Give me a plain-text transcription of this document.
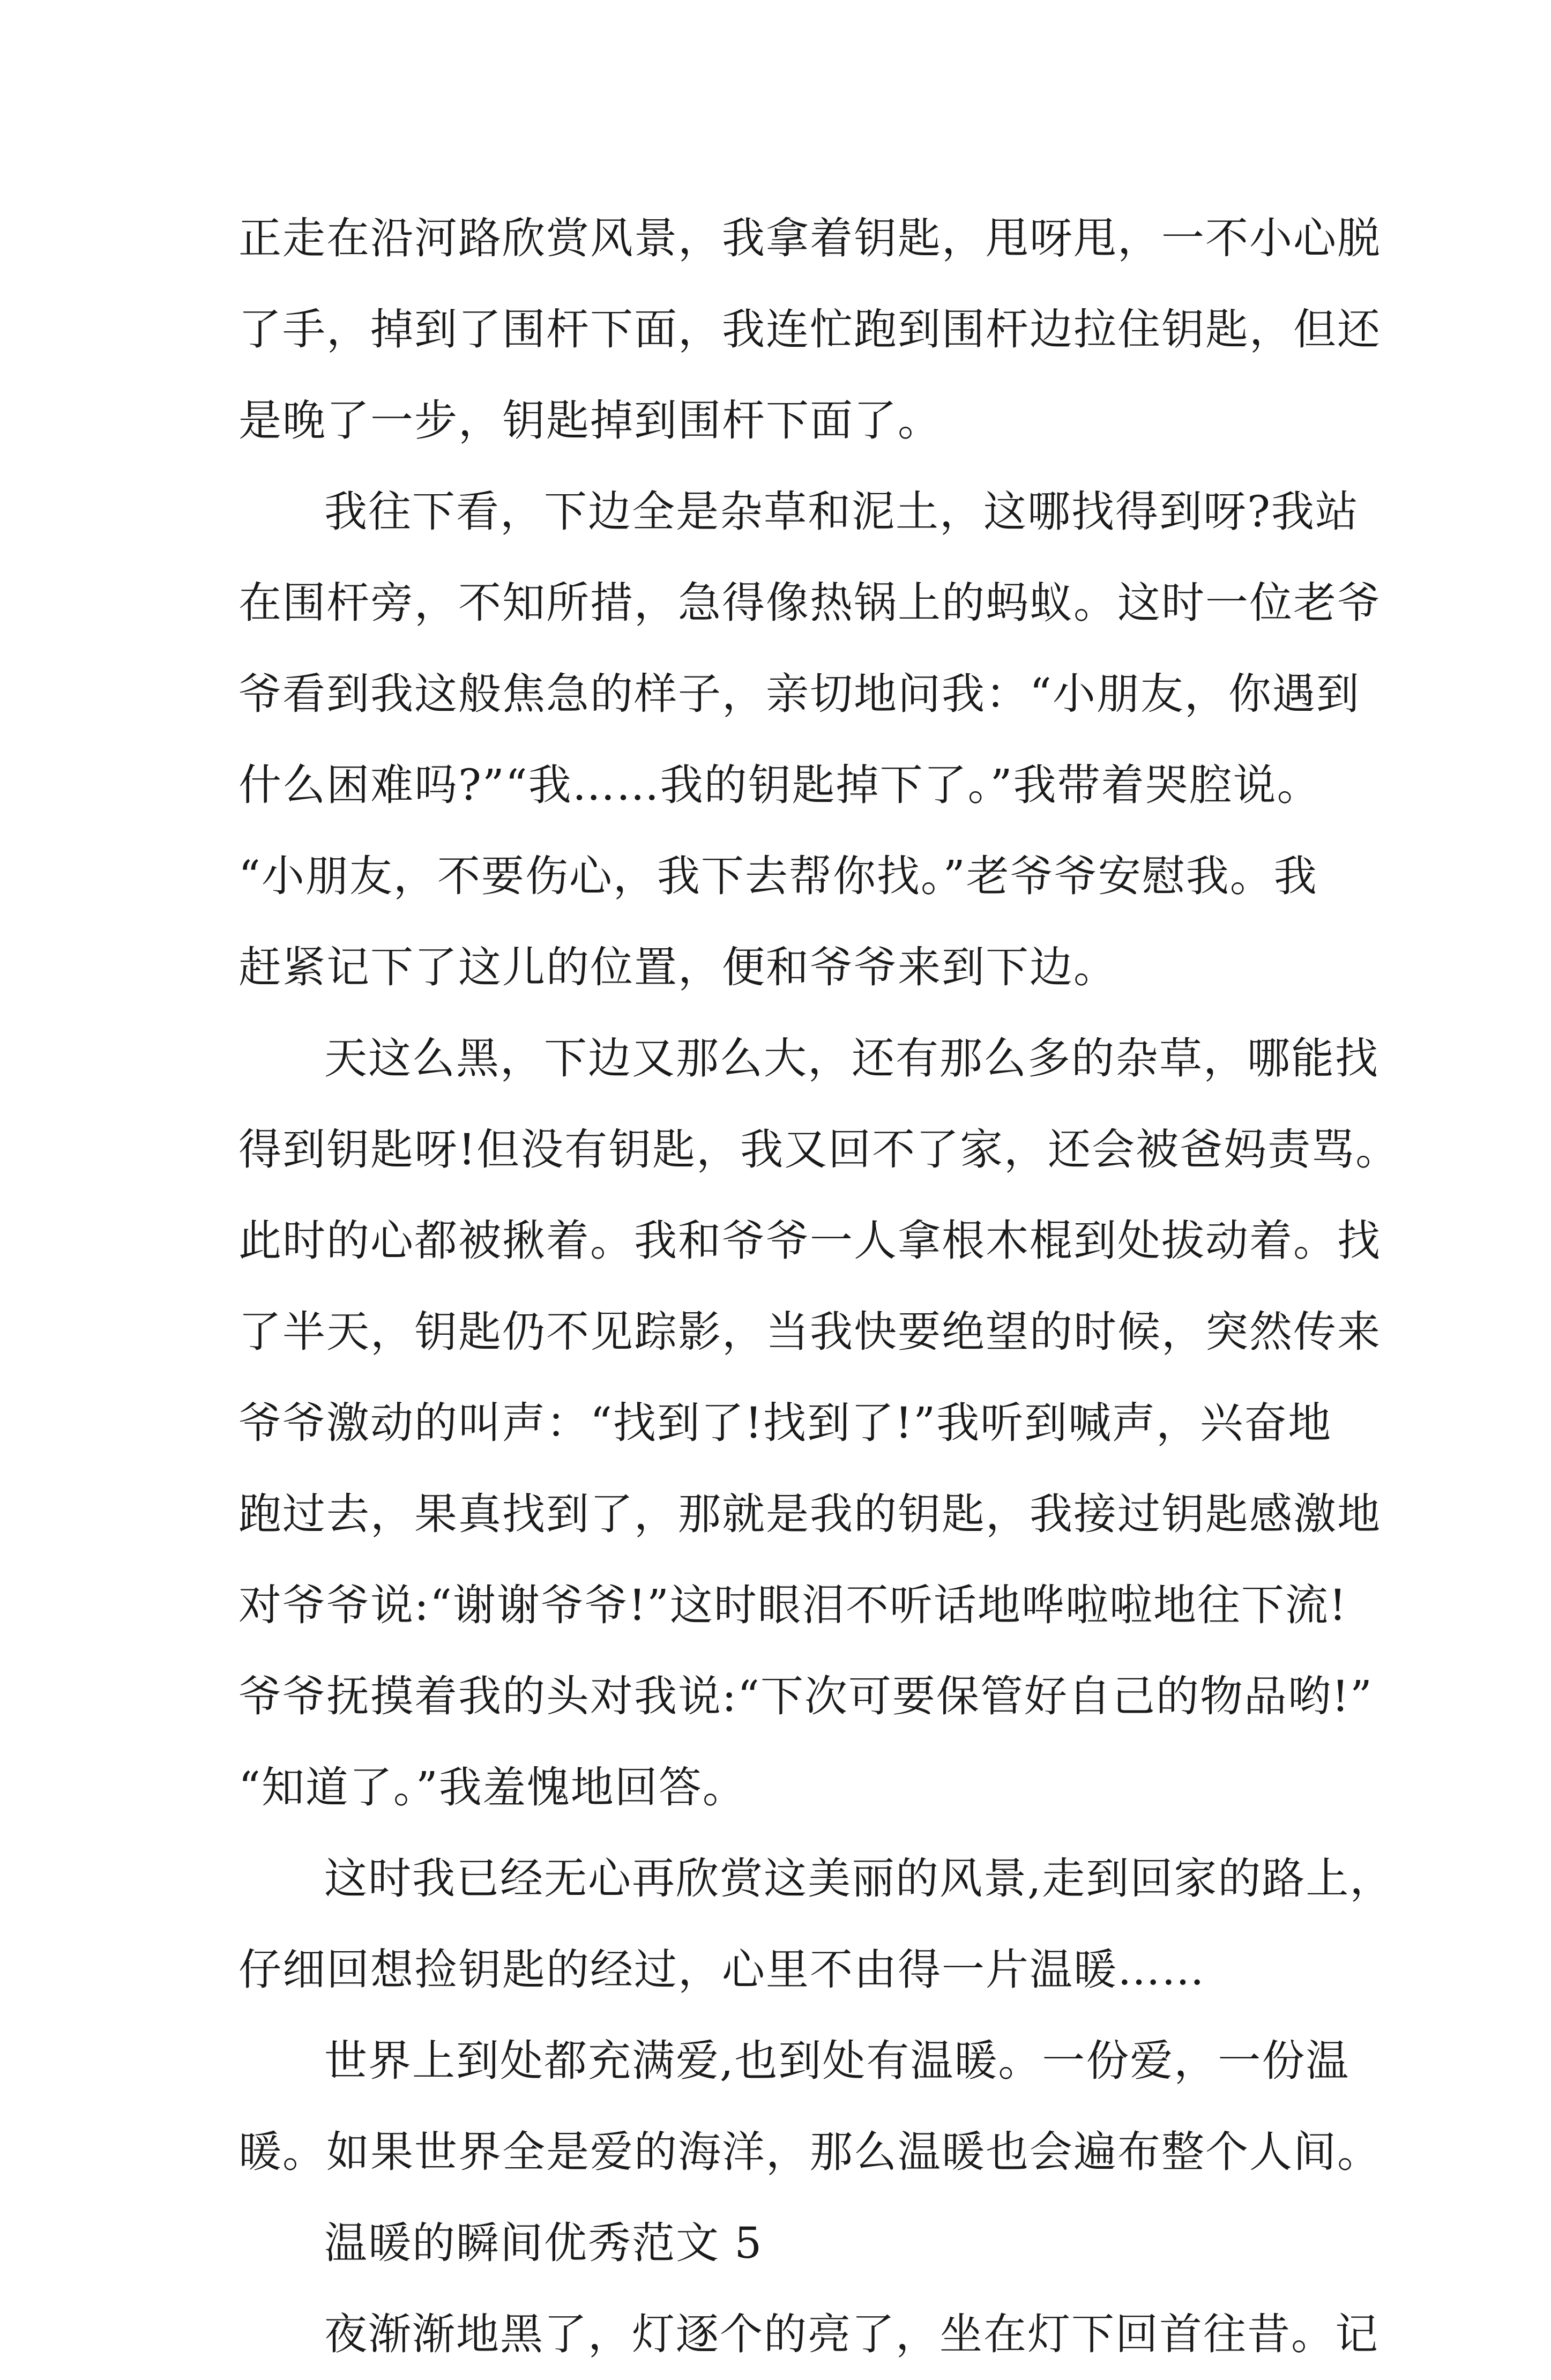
正走在沿河路欣赏风景，我拿着钥匙，甩呀甩，一不小心脱
了手，掉到了围杆下面，我连忙跑到围杆边拉住钥匙，但还
是晚了一步，钥匙掉到围杆下面了。
我往下看，下边全是杂草和泥土，这哪找得到呀?我站
在围杆旁，不知所措，急得像热锅上的蚂蚁。这时一位老爷
爷看到我这般焦急的样子，亲切地问我：“小朋友，你遇到
什么困难吗?”“我……我的钥匙掉下了。”我带着哭腔说。
“小朋友，不要伤心，我下去帮你找。”老爷爷安慰我。我
赶紧记下了这儿的位置，便和爷爷来到下边。
天这么黑，下边又那么大，还有那么多的杂草，哪能找
得到钥匙呀!但没有钥匙，我又回不了家，还会被爸妈责骂。
此时的心都被揪着。我和爷爷一人拿根木棍到处拔动着。找
了半天，钥匙仍不见踪影，当我快要绝望的时候，突然传来
爷爷激动的叫声：“找到了!找到了!”我听到喊声，兴奋地
跑过去，果真找到了，那就是我的钥匙，我接过钥匙感激地
对爷爷说:“谢谢爷爷!”这时眼泪不听话地哗啦啦地往下流!
爷爷抚摸着我的头对我说:“下次可要保管好自己的物品哟!”
“知道了。”我羞愧地回答。
这时我已经无心再欣赏这美丽的风景,走到回家的路上，
仔细回想捡钥匙的经过，心里不由得一片温暖……
世界上到处都充满爱,也到处有温暖。一份爱，一份温
暖。如果世界全是爱的海洋，那么温暖也会遍布整个人间。
温暖的瞬间优秀范文 5
夜渐渐地黑了，灯逐个的亮了，坐在灯下回首往昔。记
